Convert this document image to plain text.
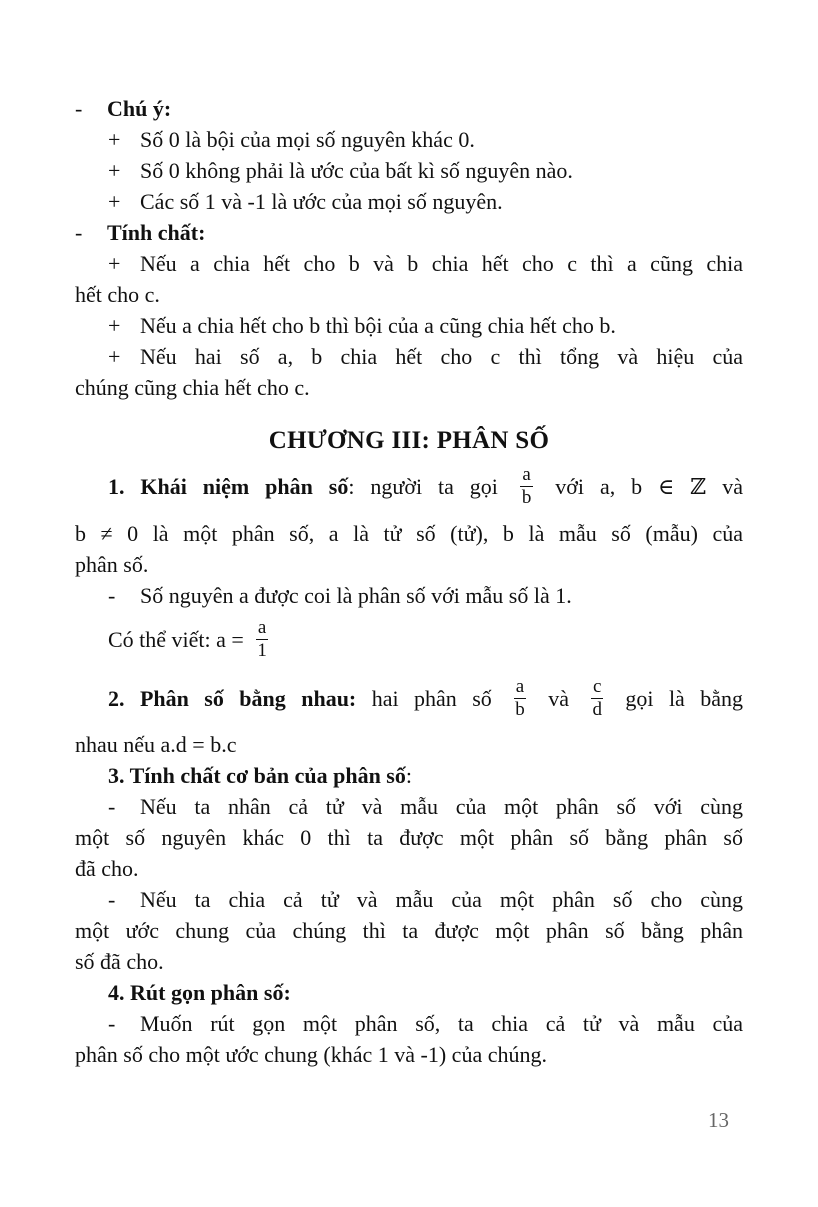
- Chú ý:
+ Số 0 là bội của mọi số nguyên khác 0.
+ Số 0 không phải là ước của bất kì số nguyên nào.
+ Các số 1 và -1 là ước của mọi số nguyên.
- Tính chất:
+ Nếu a chia hết cho b và b chia hết cho c thì a cũng chia
hết cho c.
+ Nếu a chia hết cho b thì bội của a cũng chia hết cho b.
+ Nếu hai số a, b chia hết cho c thì tổng và hiệu của
chúng cũng chia hết cho c.
CHƯƠNG III: PHÂN SỐ
1. Khái niệm phân số: người ta gọi $\frac{a}{b}$ với a, b ∈ ℤ và
b ≠ 0 là một phân số, a là tử số (tử), b là mẫu số (mẫu) của
phân số.
- Số nguyên a được coi là phân số với mẫu số là 1.
Có thể viết: $a = \frac{a}{1}$
2. Phân số bằng nhau: hai phân số $\frac{a}{b}$ và $\frac{c}{d}$ gọi là bằng
nhau nếu a.d = b.c
3. Tính chất cơ bản của phân số:
- Nếu ta nhân cả tử và mẫu của một phân số với cùng
một số nguyên khác 0 thì ta được một phân số bằng phân số
đã cho.
- Nếu ta chia cả tử và mẫu của một phân số cho cùng
một ước chung của chúng thì ta được một phân số bằng phân
số đã cho.
4. Rút gọn phân số:
- Muốn rút gọn một phân số, ta chia cả tử và mẫu của
phân số cho một ước chung (khác 1 và -1) của chúng.
13
